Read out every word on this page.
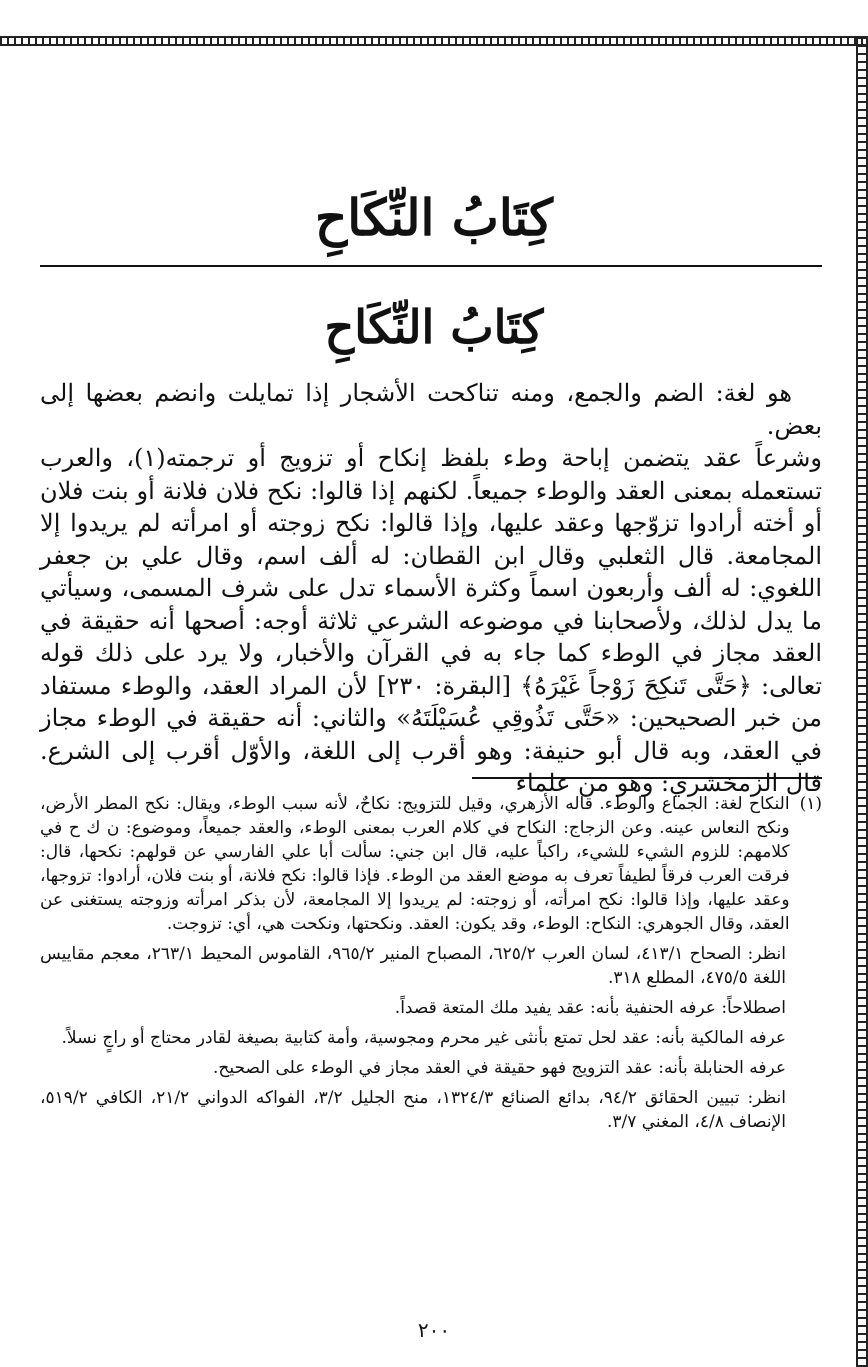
كِتَابُ النِّكَاحِ
كِتَابُ النِّكَاحِ

هو لغة: الضم والجمع، ومنه تناكحت الأشجار إذا تمايلت وانضم بعضها إلى بعض.

وشرعاً عقد يتضمن إباحة وطء بلفظ إنكاح أو تزويج أو ترجمته(١)، والعرب تستعمله بمعنى العقد والوطء جميعاً. لكنهم إذا قالوا: نكح فلان فلانة أو بنت فلان أو أخته أرادوا تزوّجها وعقد عليها، وإذا قالوا: نكح زوجته أو امرأته لم يريدوا إلا المجامعة. قال الثعلبي وقال ابن القطان: له ألف اسم، وقال علي بن جعفر اللغوي: له ألف وأربعون اسماً وكثرة الأسماء تدل على شرف المسمى، وسيأتي ما يدل لذلك، ولأصحابنا في موضوعه الشرعي ثلاثة أوجه: أصحها أنه حقيقة في العقد مجاز في الوطء كما جاء به في القرآن والأخبار، ولا يرد على ذلك قوله تعالى: ﴿حَتَّى تَنكِحَ زَوْجاً غَيْرَهُ﴾ [البقرة: ٢٣٠] لأن المراد العقد، والوطء مستفاد من خبر الصحيحين: «حَتَّى تَذُوقِي عُسَيْلَتَهُ» والثاني: أنه حقيقة في الوطء مجاز في العقد، وبه قال أبو حنيفة: وهو أقرب إلى اللغة، والأوّل أقرب إلى الشرع. قال الزمخشري: وهو من علماء

(١)

النكاح لغة: الجماع والوطء. قاله الأزهري، وقيل للتزويج: نكاحٌ، لأنه سبب الوطء، ويقال: نكح المطر الأرض، ونكح النعاس عينه. وعن الزجاج: النكاح في كلام العرب بمعنى الوطء، والعقد جميعاً، وموضوع: ن ك ح في كلامهم: للزوم الشيء للشيء، راكباً عليه، قال ابن جني: سألت أبا علي الفارسي عن قولهم: نكحها، قال: فرقت العرب فرقاً لطيفاً تعرف به موضع العقد من الوطء. فإذا قالوا: نكح فلانة، أو بنت فلان، أرادوا: تزوجها، وعقد عليها، وإذا قالوا: نكح امرأته، أو زوجته: لم يريدوا إلا المجامعة، لأن بذكر امرأته وزوجته يستغنى عن العقد، وقال الجوهري: النكاح: الوطء، وقد يكون: العقد. ونكحتها، ونكحت هي، أي: تزوجت.

انظر: الصحاح ٤١٣/١، لسان العرب ٦٢٥/٢، المصباح المنير ٩٦٥/٢، القاموس المحيط ٢٦٣/١، معجم مقاييس اللغة ٤٧٥/٥، المطلع ٣١٨.

اصطلاحاً: عرفه الحنفية بأنه: عقد يفيد ملك المتعة قصداً.

عرفه المالكية بأنه: عقد لحل تمتع بأنثى غير محرم ومجوسية، وأمة كتابية بصيغة لقادر محتاج أو راجٍ نسلاً.

عرفه الحنابلة بأنه: عقد التزويج فهو حقيقة في العقد مجاز في الوطء على الصحيح.

انظر: تبيين الحقائق ٩٤/٢، بدائع الصنائع ١٣٢٤/٣، منح الجليل ٣/٢، الفواكه الدواني ٢١/٢، الكافي ٥١٩/٢، الإنصاف ٤/٨، المغني ٣/٧.

٢٠٠
